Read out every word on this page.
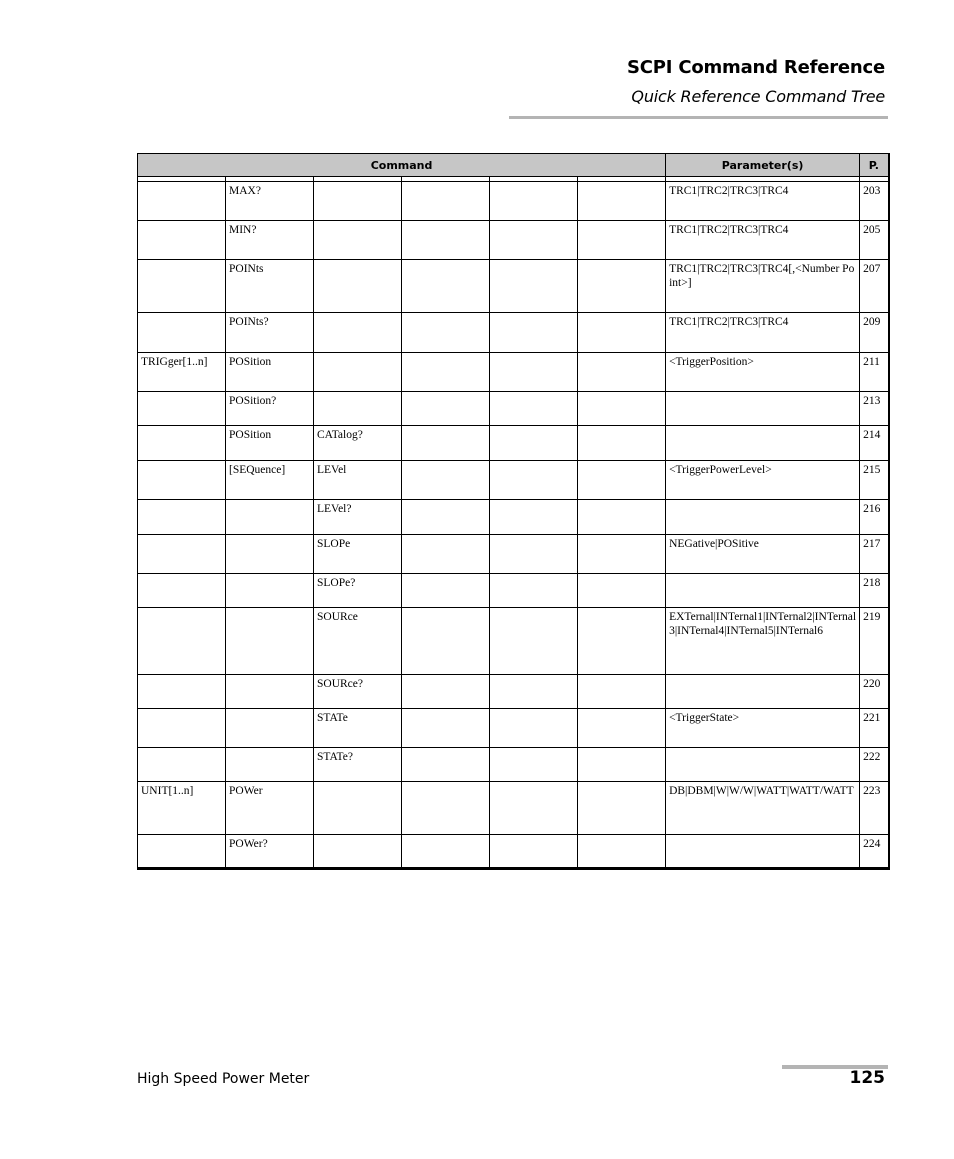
SCPI Command Reference
Quick Reference Command Tree
Command						Parameter(s)	P.

	MAX?					TRC1|TRC2|TRC3|TRC4	203
	MIN?					TRC1|TRC2|TRC3|TRC4	205
	POINts					TRC1|TRC2|TRC3|TRC4[,<Number Point>]	207
	POINts?					TRC1|TRC2|TRC3|TRC4	209
TRIGger[1..n]	POSition					<TriggerPosition>	211
	POSition?						213
	POSition	CATalog?					214
	[SEQuence]	LEVel				<TriggerPowerLevel>	215
		LEVel?					216
		SLOPe				NEGative|POSitive	217
		SLOPe?					218
		SOURce				EXTernal|INTernal1|INTernal2|INTernal3|INTernal4|INTernal5|INTernal6	219
		SOURce?					220
		STATe				<TriggerState>	221
		STATe?					222
UNIT[1..n]	POWer					DB|DBM|W|W/W|WATT|WATT/WATT	223
	POWer?						224
High Speed Power Meter	125
